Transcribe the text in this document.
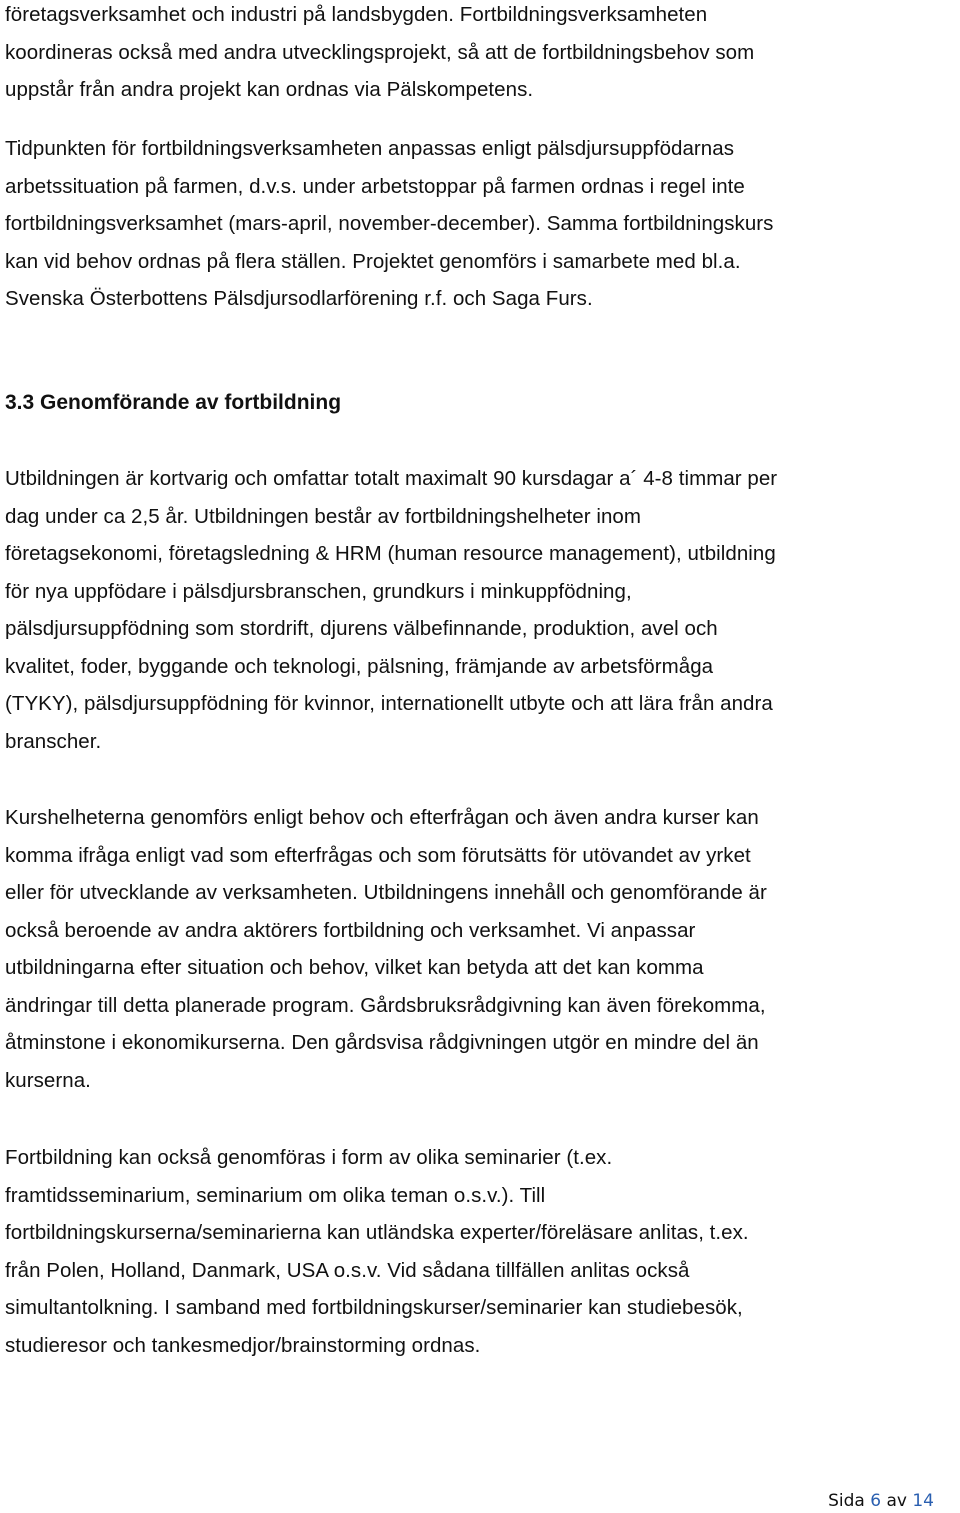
företagsverksamhet och industri på landsbygden. Fortbildningsverksamheten
koordineras också med andra utvecklingsprojekt, så att de fortbildningsbehov som
uppstår från andra projekt kan ordnas via Pälskompetens.

Tidpunkten för fortbildningsverksamheten anpassas enligt pälsdjursuppfödarnas
arbetssituation på farmen, d.v.s. under arbetstoppar på farmen ordnas i regel inte
fortbildningsverksamhet (mars-april, november-december). Samma fortbildningskurs
kan vid behov ordnas på flera ställen. Projektet genomförs i samarbete med bl.a.
Svenska Österbottens Pälsdjursodlarförening r.f. och Saga Furs.

3.3 Genomförande av fortbildning

Utbildningen är kortvarig och omfattar totalt maximalt 90 kursdagar a´ 4-8 timmar per
dag under ca 2,5 år. Utbildningen består av fortbildningshelheter inom
företagsekonomi, företagsledning & HRM (human resource management), utbildning
för nya uppfödare i pälsdjursbranschen, grundkurs i minkuppfödning,
pälsdjursuppfödning som stordrift, djurens välbefinnande, produktion, avel och
kvalitet, foder, byggande och teknologi, pälsning, främjande av arbetsförmåga
(TYKY), pälsdjursuppfödning för kvinnor, internationellt utbyte och att lära från andra
branscher.

Kurshelheterna genomförs enligt behov och efterfrågan och även andra kurser kan
komma ifråga enligt vad som efterfrågas och som förutsätts för utövandet av yrket
eller för utvecklande av verksamheten. Utbildningens innehåll och genomförande är
också beroende av andra aktörers fortbildning och verksamhet. Vi anpassar
utbildningarna efter situation och behov, vilket kan betyda att det kan komma
ändringar till detta planerade program. Gårdsbruksrådgivning kan även förekomma,
åtminstone i ekonomikurserna. Den gårdsvisa rådgivningen utgör en mindre del än
kurserna.

Fortbildning kan också genomföras i form av olika seminarier (t.ex.
framtidsseminarium, seminarium om olika teman o.s.v.). Till
fortbildningskurserna/seminarierna kan utländska experter/föreläsare anlitas, t.ex.
från Polen, Holland, Danmark, USA o.s.v. Vid sådana tillfällen anlitas också
simultantolkning. I samband med fortbildningskurser/seminarier kan studiebesök,
studieresor och tankesmedjor/brainstorming ordnas.

Sida 6 av 14
